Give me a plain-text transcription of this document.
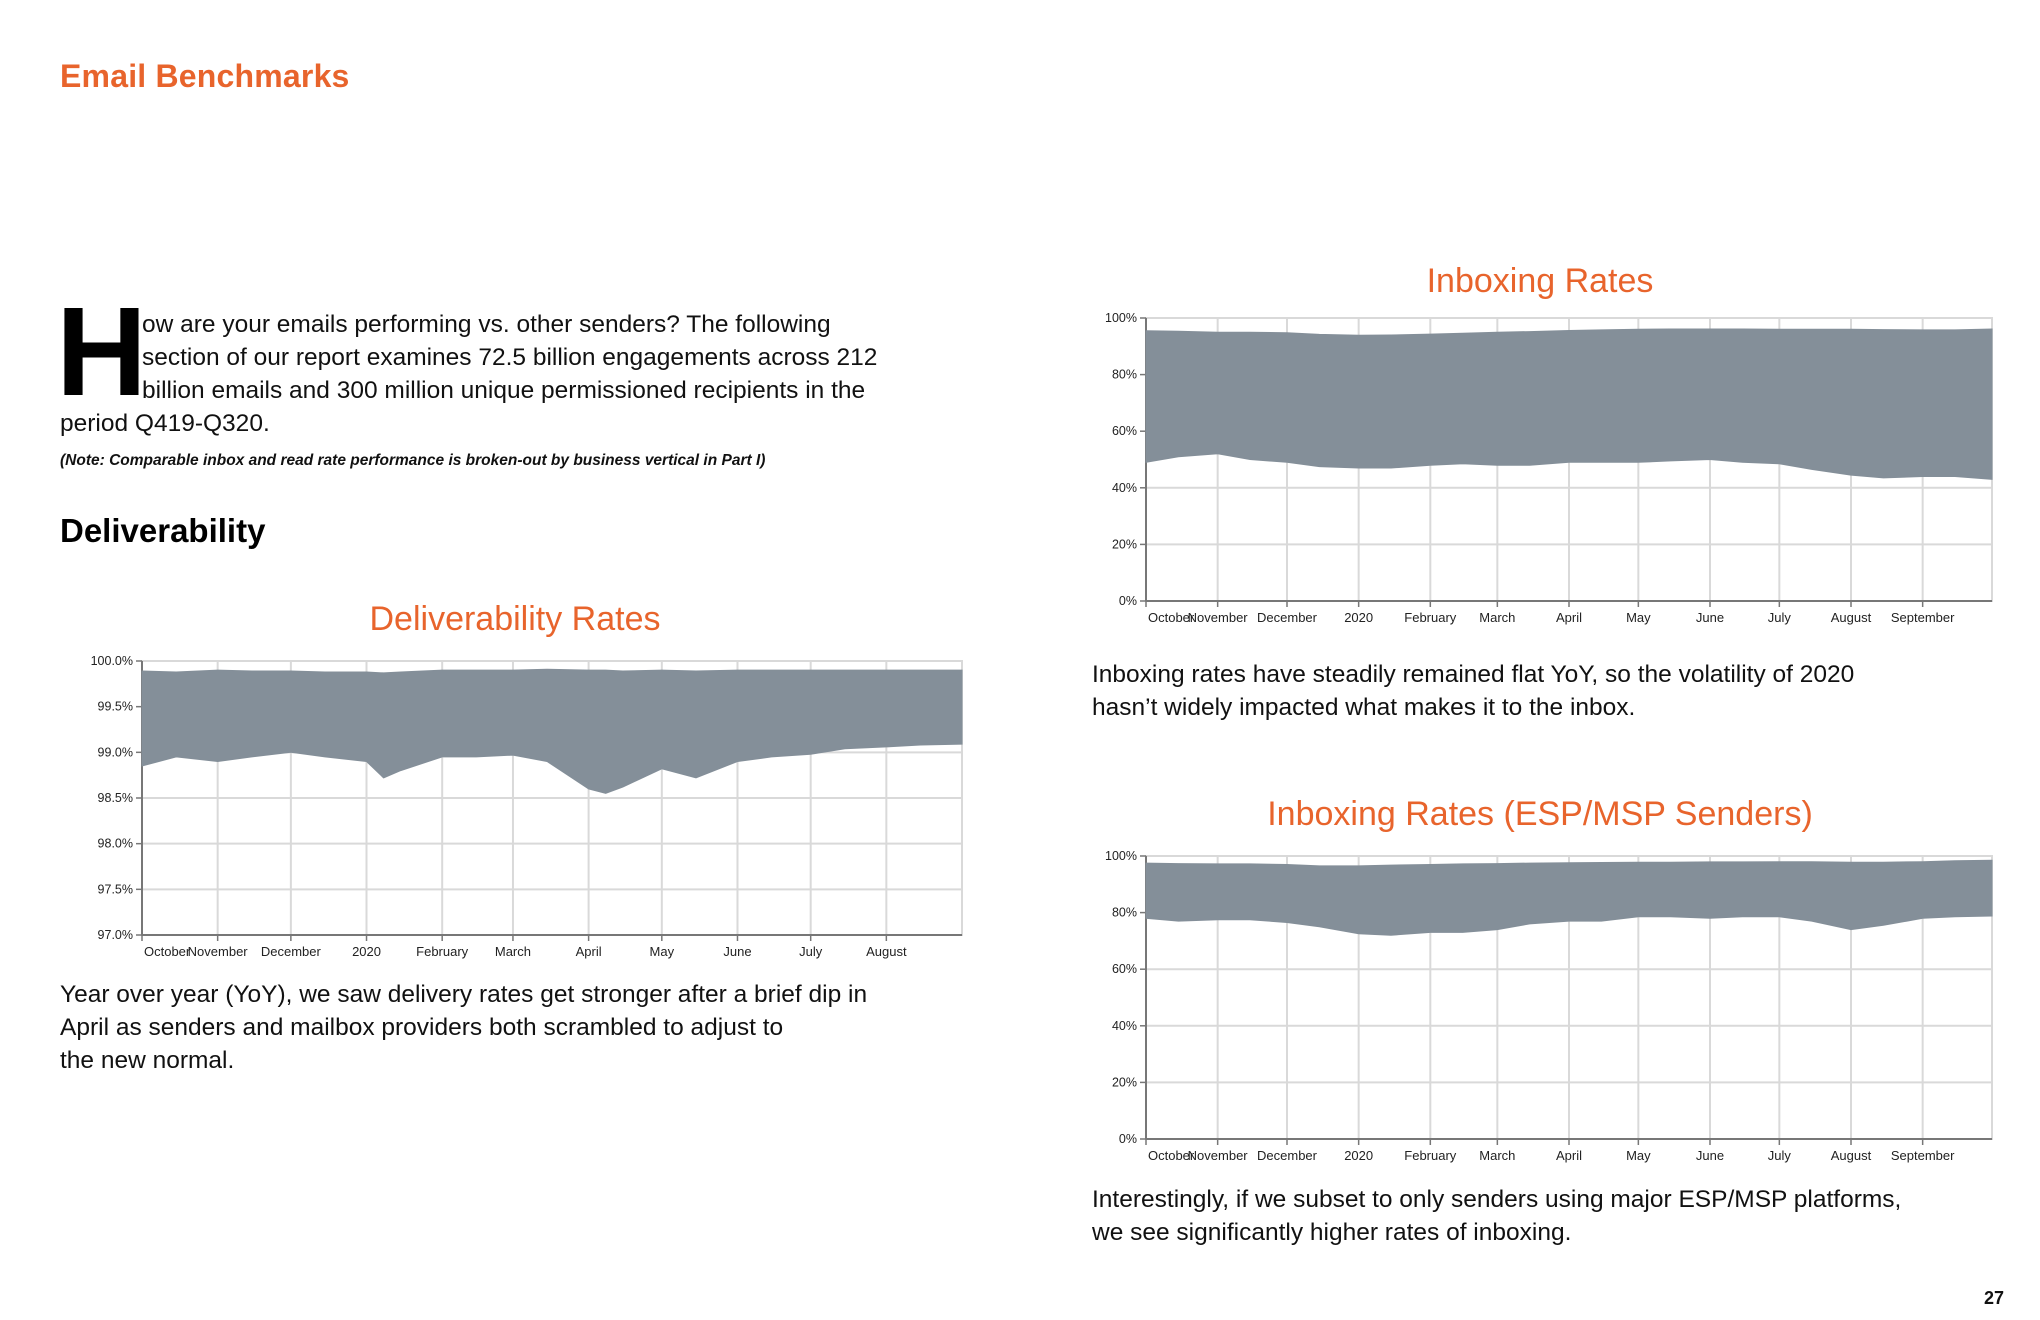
Email Benchmarks
H
ow are your emails performing vs. other senders? The following
section of our report examines 72.5 billion engagements across 212
billion emails and 300 million unique permissioned recipients in the
period Q419-Q320.
(Note: Comparable inbox and read rate performance is broken-out by business vertical in Part I)
Deliverability
Deliverability Rates
100.0%
99.5%
99.0%
98.5%
98.0%
97.5%
97.0%
October
November December 2020	February March	April	May	June	July	August
Year over year (YoY), we saw delivery rates get stronger after a brief dip in
April as senders and mailbox providers both scrambled to adjust to
the new normal.
Inboxing Rates
100%
80%
60%
40%
20%
0%
October
November December 2020 February March	April	May	June	July	August September
Inboxing rates have steadily remained flat YoY, so the volatility of 2020
hasn’t widely impacted what makes it to the inbox.
Inboxing Rates (ESP/MSP Senders)
100%
80%
60%
40%
20%
0%
October
November December 2020 February March	April	May	June	July	August September
Interestingly, if we subset to only senders using major ESP/MSP platforms,
we see significantly higher rates of inboxing.
27
